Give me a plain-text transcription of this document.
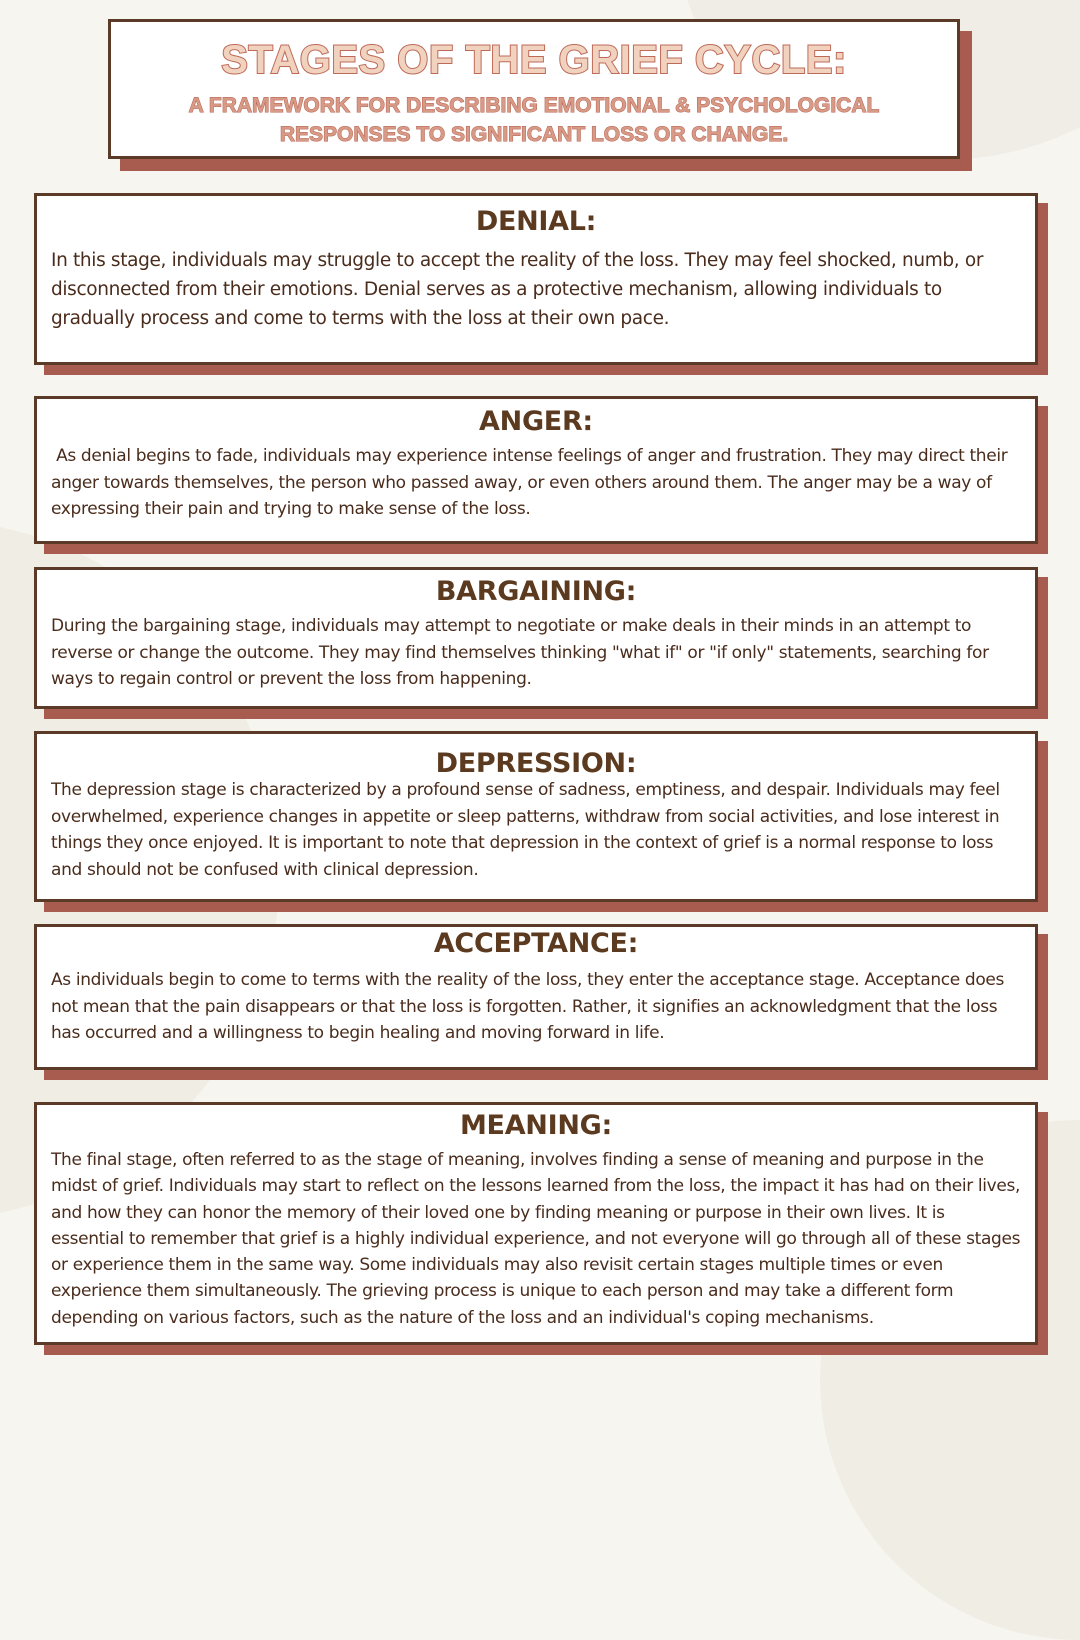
STAGES OF THE GRIEF CYCLE:
A FRAMEWORK FOR DESCRIBING EMOTIONAL & PSYCHOLOGICAL RESPONSES TO SIGNIFICANT LOSS OR CHANGE.
DENIAL:
In this stage, individuals may struggle to accept the reality of the loss. They may feel shocked, numb, or disconnected from their emotions. Denial serves as a protective mechanism, allowing individuals to gradually process and come to terms with the loss at their own pace.
ANGER:
As denial begins to fade, individuals may experience intense feelings of anger and frustration. They may direct their anger towards themselves, the person who passed away, or even others around them. The anger may be a way of expressing their pain and trying to make sense of the loss.
BARGAINING:
During the bargaining stage, individuals may attempt to negotiate or make deals in their minds in an attempt to reverse or change the outcome. They may find themselves thinking "what if" or "if only" statements, searching for ways to regain control or prevent the loss from happening.
DEPRESSION:
The depression stage is characterized by a profound sense of sadness, emptiness, and despair. Individuals may feel overwhelmed, experience changes in appetite or sleep patterns, withdraw from social activities, and lose interest in things they once enjoyed. It is important to note that depression in the context of grief is a normal response to loss and should not be confused with clinical depression.
ACCEPTANCE:
As individuals begin to come to terms with the reality of the loss, they enter the acceptance stage. Acceptance does not mean that the pain disappears or that the loss is forgotten. Rather, it signifies an acknowledgment that the loss has occurred and a willingness to begin healing and moving forward in life.
MEANING:
The final stage, often referred to as the stage of meaning, involves finding a sense of meaning and purpose in the midst of grief. Individuals may start to reflect on the lessons learned from the loss, the impact it has had on their lives, and how they can honor the memory of their loved one by finding meaning or purpose in their own lives. It is essential to remember that grief is a highly individual experience, and not everyone will go through all of these stages or experience them in the same way. Some individuals may also revisit certain stages multiple times or even experience them simultaneously. The grieving process is unique to each person and may take a different form depending on various factors, such as the nature of the loss and an individual's coping mechanisms.
